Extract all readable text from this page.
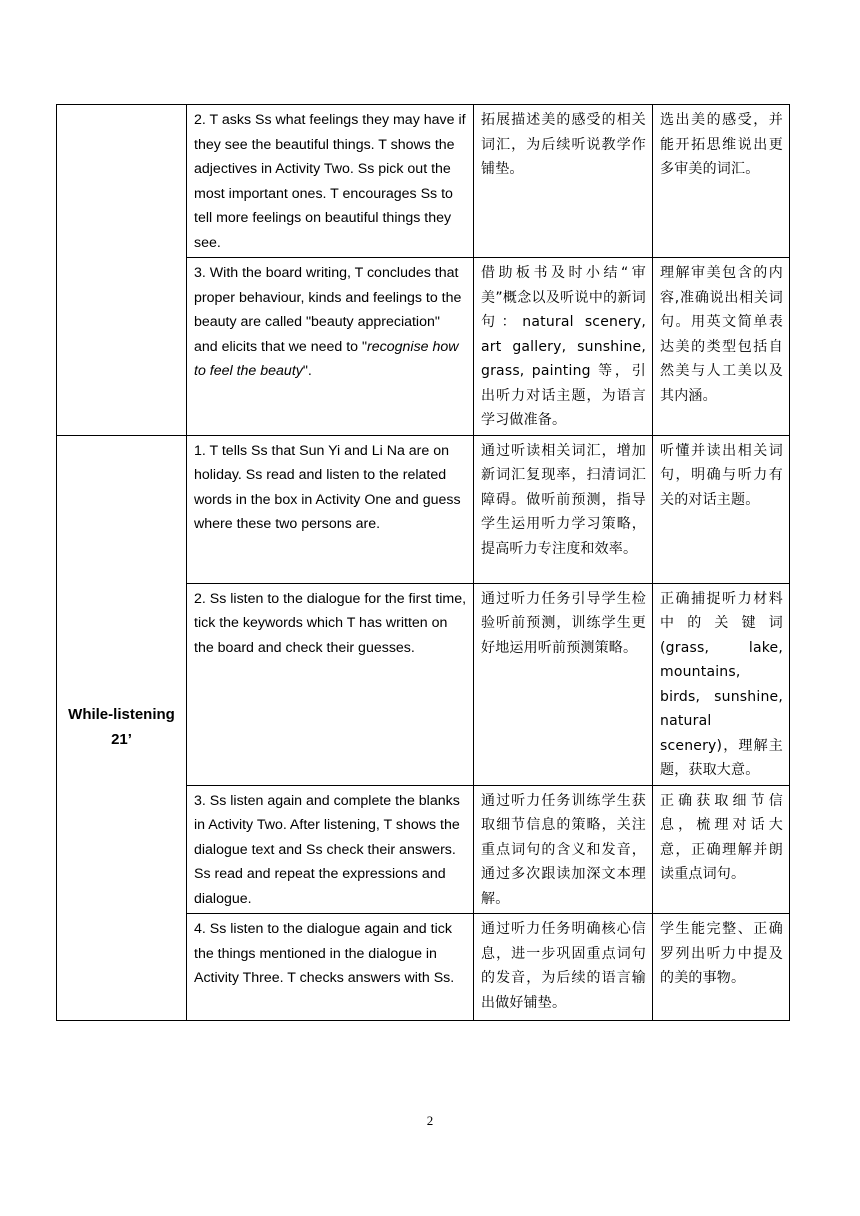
	2. T asks Ss what feelings they may have if they see the beautiful things. T shows the adjectives in Activity Two. Ss pick out the most important ones. T encourages Ss to tell more feelings on beautiful things they see.	拓展描述美的感受的相关词汇，为后续听说教学作铺垫。	选出美的感受，并能开拓思维说出更多审美的词汇。
	3. With the board writing, T concludes that proper behaviour, kinds and feelings to the beauty are called "beauty appreciation" and elicits that we need to "recognise how to feel the beauty".	借助板书及时小结“审美”概念以及听说中的新词句：natural scenery, art gallery, sunshine, grass, painting 等，引出听力对话主题，为语言学习做准备。	理解审美包含的内容,准确说出相关词句。用英文简单表达美的类型包括自然美与人工美以及其内涵。

While-listening
21’	1. T tells Ss that Sun Yi and Li Na are on holiday. Ss read and listen to the related words in the box in Activity One and guess where these two persons are.	通过听读相关词汇，增加新词汇复现率，扫清词汇障碍。做听前预测，指导学生运用听力学习策略，提高听力专注度和效率。	听懂并读出相关词句，明确与听力有关的对话主题。
	2. Ss listen to the dialogue for the first time, tick the keywords which T has written on the board and check their guesses.	通过听力任务引导学生检验听前预测，训练学生更好地运用听前预测策略。	正确捕捉听力材料中的关键词 (grass, lake, mountains, birds, sunshine, natural scenery)，理解主题，获取大意。
	3. Ss listen again and complete the blanks in Activity Two. After listening, T shows the dialogue text and Ss check their answers. Ss read and repeat the expressions and dialogue.	通过听力任务训练学生获取细节信息的策略，关注重点词句的含义和发音，通过多次跟读加深文本理解。	正确获取细节信息，梳理对话大意，正确理解并朗读重点词句。
	4. Ss listen to the dialogue again and tick the things mentioned in the dialogue in Activity Three. T checks answers with Ss.	通过听力任务明确核心信息，进一步巩固重点词句的发音，为后续的语言输出做好铺垫。	学生能完整、正确罗列出听力中提及的美的事物。
2
